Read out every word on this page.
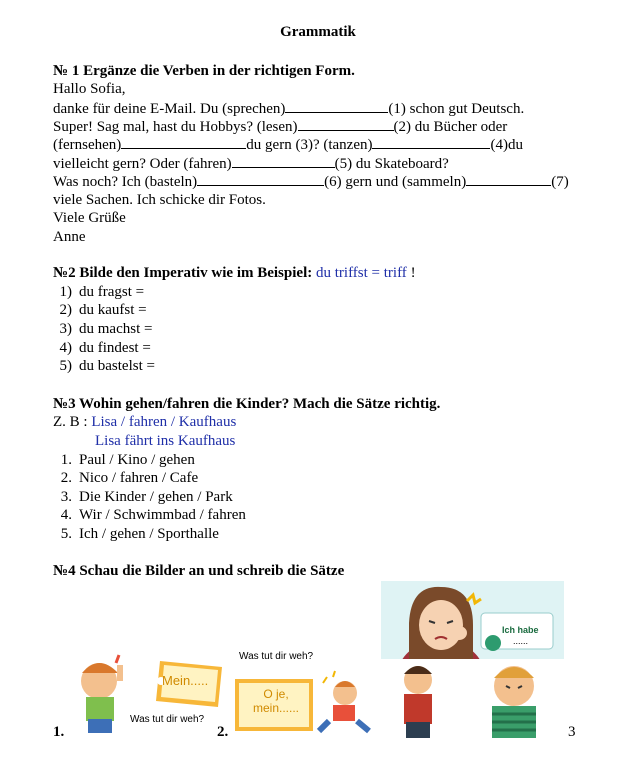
Grammatik
№ 1 Ergänze die Verben in der richtigen Form.
Hallo Sofia,
danke für deine E-Mail. Du (sprechen)	(1) schon gut Deutsch.
Super! Sag mal, hast du Hobbys? (lesen)	(2) du Bücher oder
(fernsehen)	du gern (3)? (tanzen)	(4)du
vielleicht gern? Oder (fahren)	(5) du Skateboard?
Was noch? Ich (basteln)	(6) gern und (sammeln)	(7)
viele Sachen. Ich schicke dir Fotos.
Viele Grüße
Anne
№2 Bilde den Imperativ wie im Beispiel: du triffst = triff !
1) du fragst =
2) du kaufst =
3) du machst =
4) du findest =
5) du bastelst =
№3 Wohin gehen/fahren die Kinder? Mach die Sätze richtig.
Z. B : Lisa / fahren / Kaufhaus
Lisa fährt ins Kaufhaus
1. Paul / Kino / gehen
2. Nico / fahren / Cafe
3. Die Kinder / gehen / Park
4. Wir / Schwimmbad / fahren
5. Ich / gehen / Sporthalle
№4 Schau die Bilder an und schreib die Sätze
Ich habe
......
Mein.....
Was tut dir weh?
Was tut dir weh?
O je,
mein......
1.	2.	3
